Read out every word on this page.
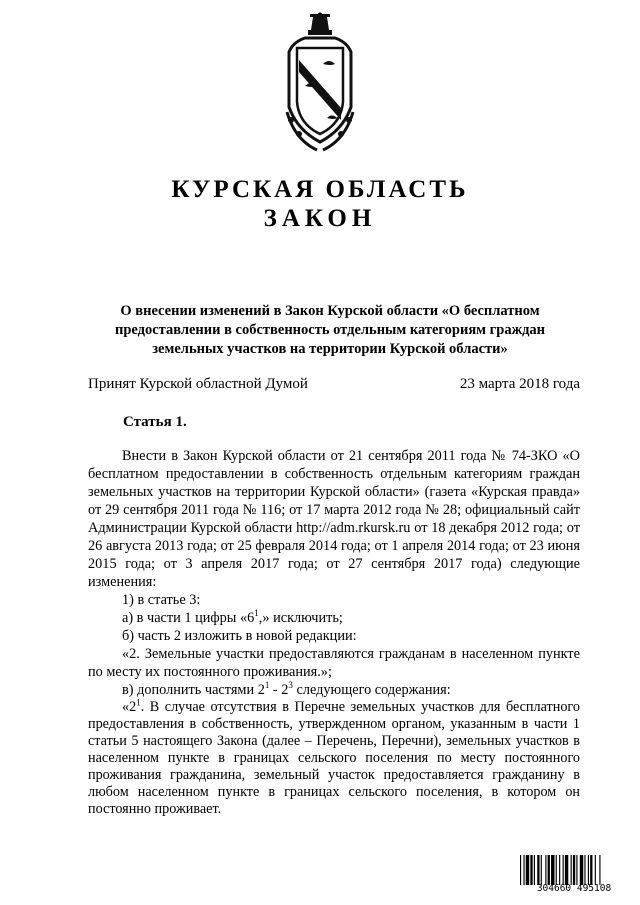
КУРСКАЯ ОБЛАСТЬ
ЗАКОН
О внесении изменений в Закон Курской области «О бесплатном предоставлении в собственность отдельным категориям граждан земельных участков на территории Курской области»
Принят Курской областной Думой	23 марта 2018 года
Статья 1.

Внести в Закон Курской области от 21 сентября 2011 года № 74-ЗКО «О бесплатном предоставлении в собственность отдельным категориям граждан земельных участков на территории Курской области» (газета «Курская правда» от 29 сентября 2011 года № 116; от 17 марта 2012 года № 28; официальный сайт Администрации Курской области http://adm.rkursk.ru от 18 декабря 2012 года; от 26 августа 2013 года; от 25 февраля 2014 года; от 1 апреля 2014 года; от 23 июня 2015 года; от 3 апреля 2017 года; от 27 сентября 2017 года) следующие изменения:

1) в статье 3:

а) в части 1 цифры «$6^1$,» исключить;

б) часть 2 изложить в новой редакции:

«2. Земельные участки предоставляются гражданам в населенном пункте по месту их постоянного проживания.»;

в) дополнить частями $2^1 - 2^3$ следующего содержания:

«$2^1$. В случае отсутствия в Перечне земельных участков для бесплатного предоставления в собственность, утвержденном органом, указанным в части 1 статьи 5 настоящего Закона (далее – Перечень, Перечни), земельных участков в населенном пункте в границах сельского поселения по месту постоянного проживания гражданина, земельный участок предоставляется гражданину в любом населенном пункте в границах сельского поселения, в котором он постоянно проживает.

304660 495108
